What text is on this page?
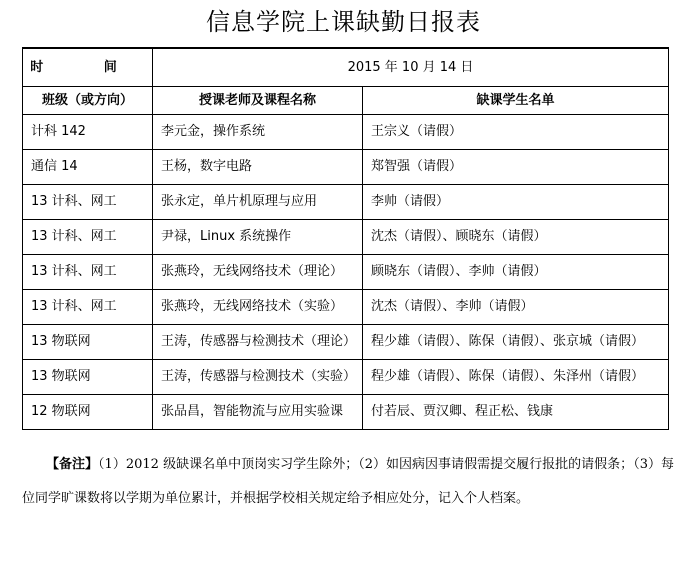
信息学院上课缺勤日报表
时 间	2015 年 10 月 14 日	
班级（或方向）	授课老师及课程名称	缺课学生名单
计科 142	李元金，操作系统	王宗义（请假）
通信 14	王杨，数字电路	郑智强（请假）
13 计科、网工	张永定，单片机原理与应用	李帅（请假）
13 计科、网工	尹禄，Linux 系统操作	沈杰（请假）、顾晓东（请假）
13 计科、网工	张燕玲，无线网络技术（理论）	顾晓东（请假）、李帅（请假）
13 计科、网工	张燕玲，无线网络技术（实验）	沈杰（请假）、李帅（请假）
13 物联网	王涛，传感器与检测技术（理论）	程少雄（请假）、陈保（请假）、张京城（请假）
13 物联网	王涛，传感器与检测技术（实验）	程少雄（请假）、陈保（请假）、朱泽州（请假）
12 物联网	张品昌，智能物流与应用实验课	付若辰、贾汉卿、程正松、钱康
【备注】（1）2012 级缺课名单中顶岗实习学生除外；（2）如因病因事请假需提交履行报批的请假条；（3）每位同学旷课数将以学期为单位累计，并根据学校相关规定给予相应处分，记入个人档案。
